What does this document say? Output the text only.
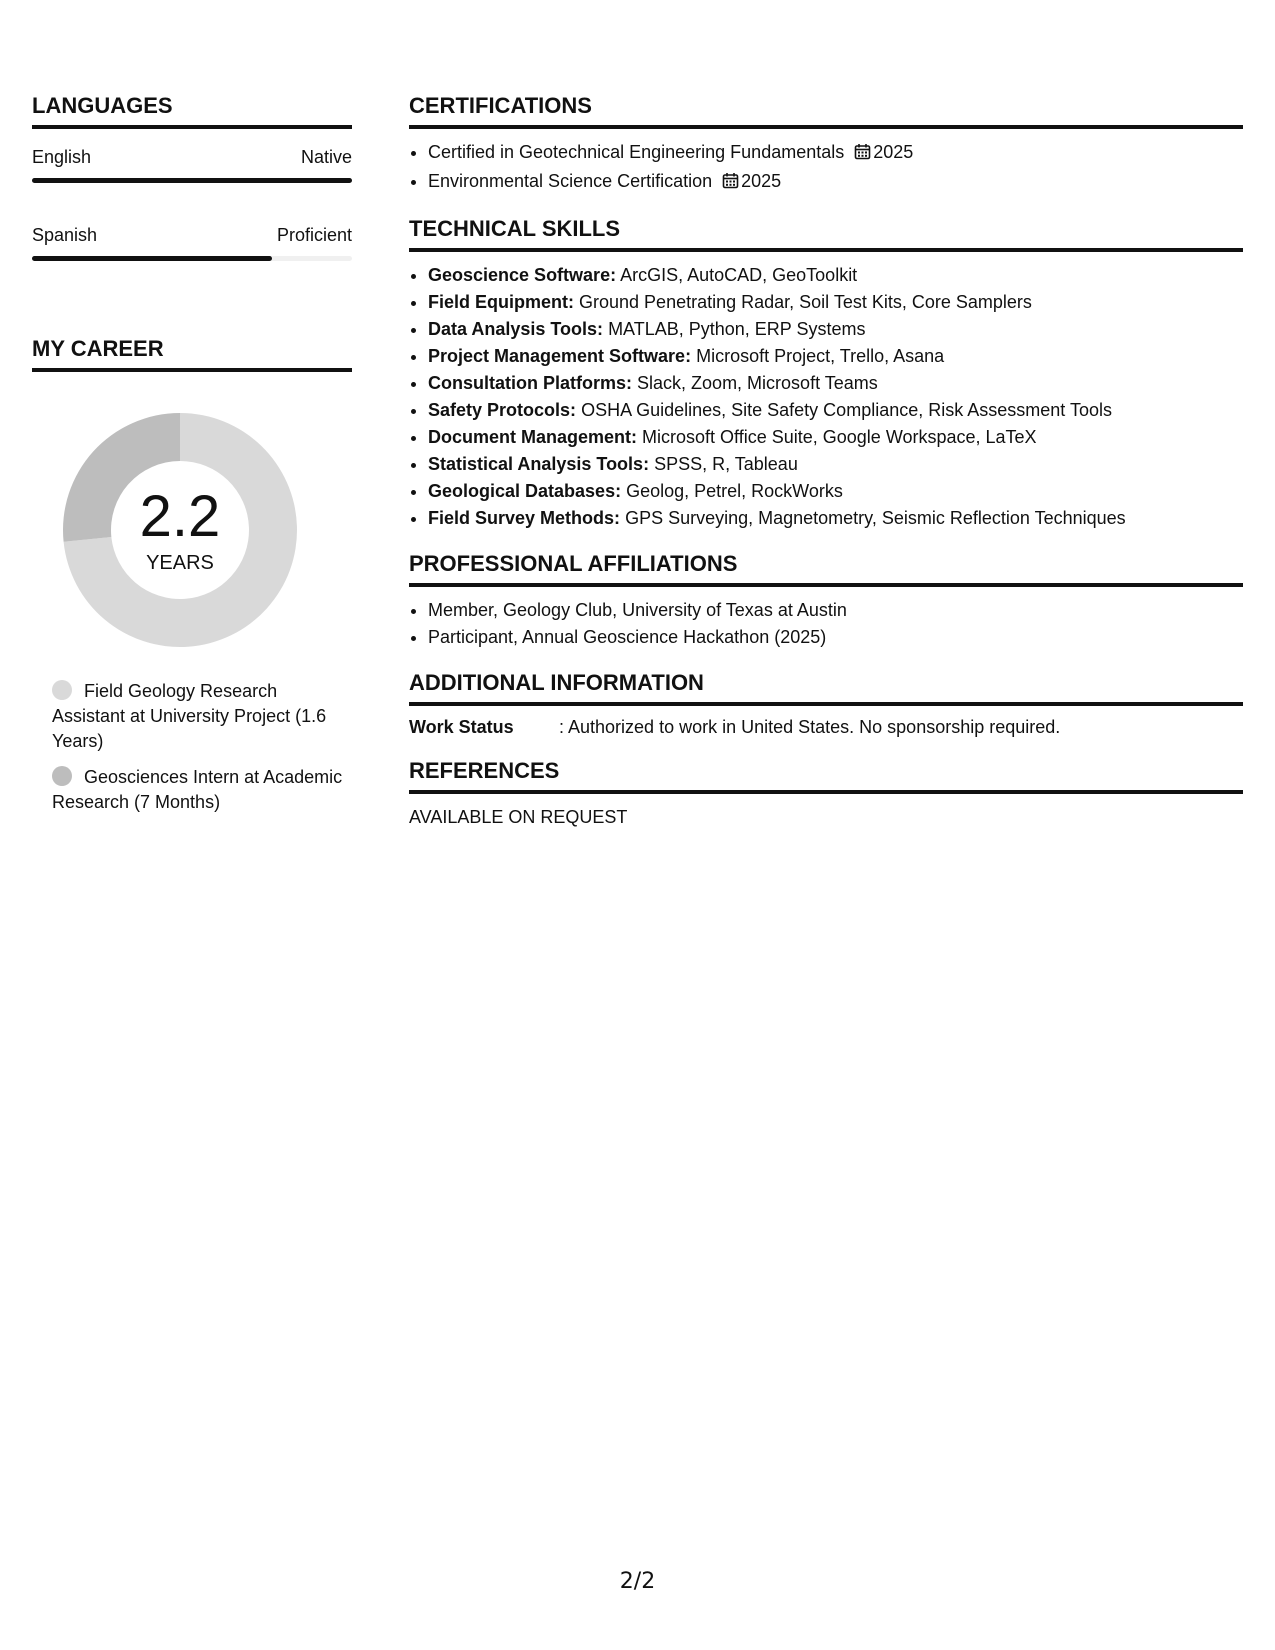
LANGUAGES
English	Native
Spanish	Proficient
MY CAREER
2.2
YEARS
Field Geology Research Assistant at University Project (1.6 Years)
Geosciences Intern at Academic Research (7 Months)
CERTIFICATIONS
• Certified in Geotechnical Engineering Fundamentals 2025
• Environmental Science Certification 2025
TECHNICAL SKILLS
• Geoscience Software: ArcGIS, AutoCAD, GeoToolkit
• Field Equipment: Ground Penetrating Radar, Soil Test Kits, Core Samplers
• Data Analysis Tools: MATLAB, Python, ERP Systems
• Project Management Software: Microsoft Project, Trello, Asana
• Consultation Platforms: Slack, Zoom, Microsoft Teams
• Safety Protocols: OSHA Guidelines, Site Safety Compliance, Risk Assessment Tools
• Document Management: Microsoft Office Suite, Google Workspace, LaTeX
• Statistical Analysis Tools: SPSS, R, Tableau
• Geological Databases: Geolog, Petrel, RockWorks
• Field Survey Methods: GPS Surveying, Magnetometry, Seismic Reflection Techniques
PROFESSIONAL AFFILIATIONS
• Member, Geology Club, University of Texas at Austin
• Participant, Annual Geoscience Hackathon (2025)
ADDITIONAL INFORMATION
Work Status	: Authorized to work in United States. No sponsorship required.
REFERENCES
AVAILABLE ON REQUEST
2/2
